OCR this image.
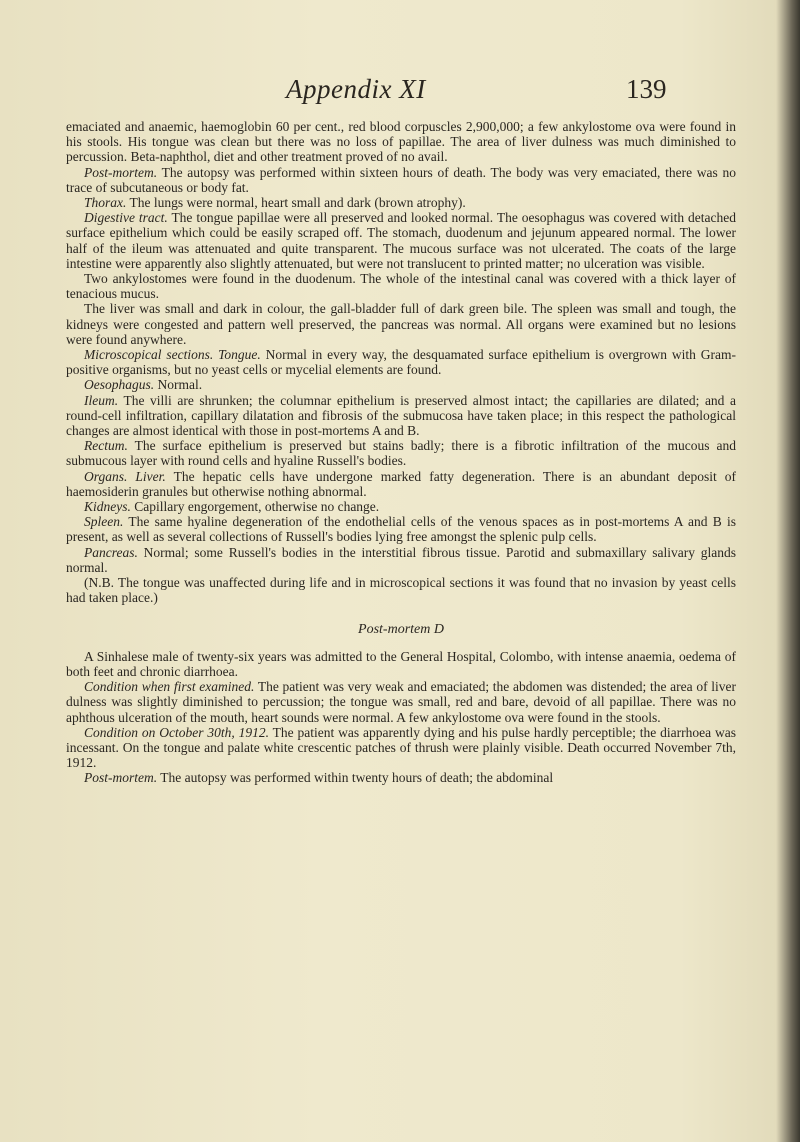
Appendix XI	139

emaciated and anaemic, haemoglobin 60 per cent., red blood corpuscles 2,900,000; a few ankylostome ova were found in his stools. His tongue was clean but there was no loss of papillae. The area of liver dulness was much diminished to percussion. Beta-naphthol, diet and other treatment proved of no avail.

Post-mortem. The autopsy was performed within sixteen hours of death. The body was very emaciated, there was no trace of subcutaneous or body fat.

Thorax. The lungs were normal, heart small and dark (brown atrophy).

Digestive tract. The tongue papillae were all preserved and looked normal. The oesophagus was covered with detached surface epithelium which could be easily scraped off. The stomach, duodenum and jejunum appeared normal. The lower half of the ileum was attenuated and quite transparent. The mucous surface was not ulcerated. The coats of the large intestine were apparently also slightly attenuated, but were not translucent to printed matter; no ulceration was visible.

Two ankylostomes were found in the duodenum. The whole of the intestinal canal was covered with a thick layer of tenacious mucus.

The liver was small and dark in colour, the gall-bladder full of dark green bile. The spleen was small and tough, the kidneys were congested and pattern well preserved, the pancreas was normal. All organs were examined but no lesions were found anywhere.

Microscopical sections. Tongue. Normal in every way, the desquamated surface epithelium is overgrown with Gram-positive organisms, but no yeast cells or mycelial elements are found.

Oesophagus. Normal.

Ileum. The villi are shrunken; the columnar epithelium is preserved almost intact; the capillaries are dilated; and a round-cell infiltration, capillary dilatation and fibrosis of the submucosa have taken place; in this respect the pathological changes are almost identical with those in post-mortems A and B.

Rectum. The surface epithelium is preserved but stains badly; there is a fibrotic infiltration of the mucous and submucous layer with round cells and hyaline Russell's bodies.

Organs. Liver. The hepatic cells have undergone marked fatty degeneration. There is an abundant deposit of haemosiderin granules but otherwise nothing abnormal.

Kidneys. Capillary engorgement, otherwise no change.

Spleen. The same hyaline degeneration of the endothelial cells of the venous spaces as in post-mortems A and B is present, as well as several collections of Russell's bodies lying free amongst the splenic pulp cells.

Pancreas. Normal; some Russell's bodies in the interstitial fibrous tissue. Parotid and submaxillary salivary glands normal.

(N.B. The tongue was unaffected during life and in microscopical sections it was found that no invasion by yeast cells had taken place.)

Post-mortem D

A Sinhalese male of twenty-six years was admitted to the General Hospital, Colombo, with intense anaemia, oedema of both feet and chronic diarrhoea.

Condition when first examined. The patient was very weak and emaciated; the abdomen was distended; the area of liver dulness was slightly diminished to percussion; the tongue was small, red and bare, devoid of all papillae. There was no aphthous ulceration of the mouth, heart sounds were normal. A few ankylostome ova were found in the stools.

Condition on October 30th, 1912. The patient was apparently dying and his pulse hardly perceptible; the diarrhoea was incessant. On the tongue and palate white crescentic patches of thrush were plainly visible. Death occurred November 7th, 1912.

Post-mortem. The autopsy was performed within twenty hours of death; the abdominal
